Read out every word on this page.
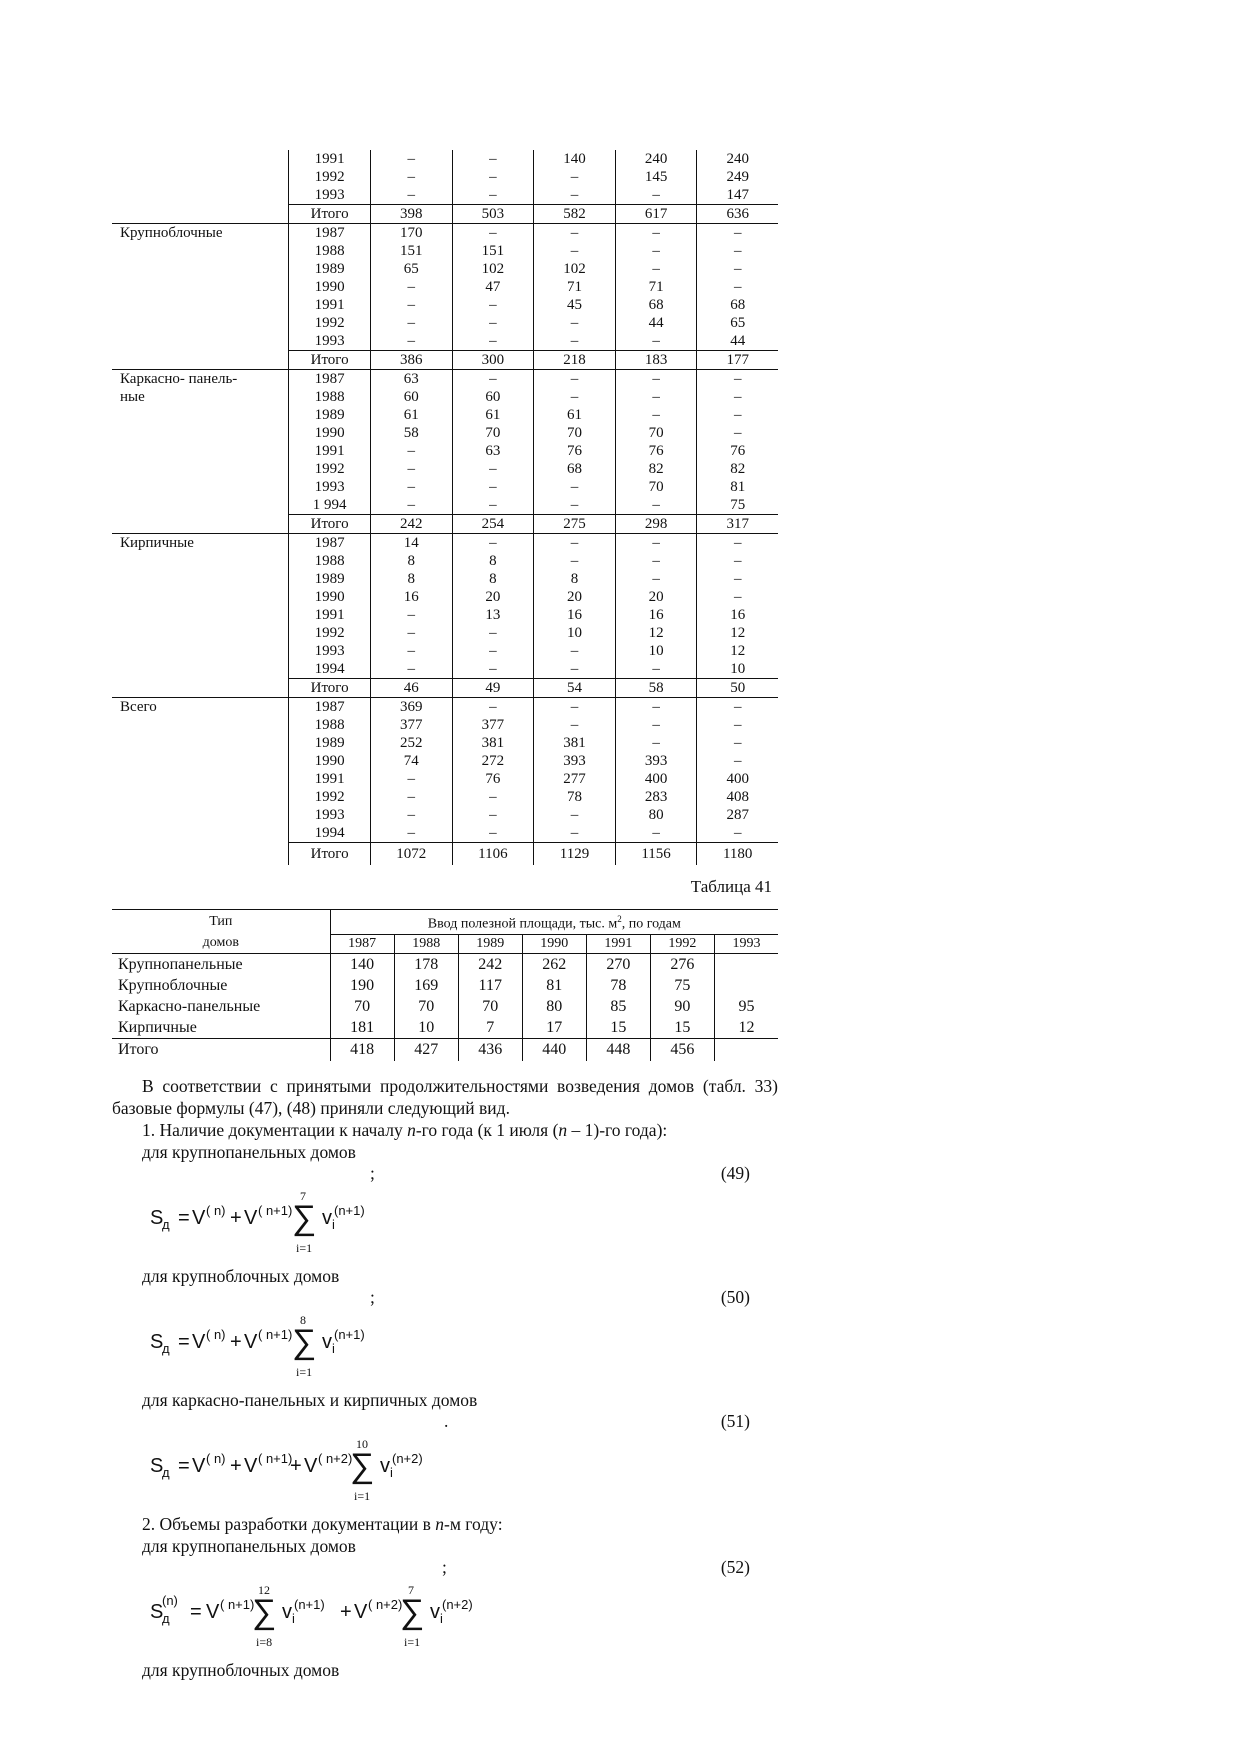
	1991	–	–	140	240	240
	1992	–	–	–	145	249
	1993	–	–	–	–	147
	Итого	398	503	582	617	636
Крупноблочные	1987	170	–	–	–	–
	1988	151	151	–	–	–
	1989	65	102	102	–	–
	1990	–	47	71	71	–
	1991	–	–	45	68	68
	1992	–	–	–	44	65
	1993	–	–	–	–	44
	Итого	386	300	218	183	177
Каркасно- панель-
ные	1987	63	–	–	–	–
	1988	60	60	–	–	–
	1989	61	61	61	–	–
	1990	58	70	70	70	–
	1991	–	63	76	76	76
	1992	–	–	68	82	82
	1993	–	–	–	70	81
	1 994	–	–	–	–	75
	Итого	242	254	275	298	317
Кирпичные	1987	14	–	–	–	–
	1988	8	8	–	–	–
	1989	8	8	8	–	–
	1990	16	20	20	20	–
	1991	–	13	16	16	16
	1992	–	–	10	12	12
	1993	–	–	–	10	12
	1994	–	–	–	–	10
	Итого	46	49	54	58	50
Всего	1987	369	–	–	–	–
	1988	377	377	–	–	–
	1989	252	381	381	–	–
	1990	74	272	393	393	–
	1991	–	76	277	400	400
	1992	–	–	78	283	408
	1993	–	–	–	80	287
	1994	–	–	–	–	–
	Итого	1072	1106	1129	1156	1180
Таблица 41
Тип	Ввод полезной площади, тыс. $м^2$, по годам						
домов	1987	1988	1989	1990	1991	1992	1993
Крупнопанельные	140	178	242	262	270	276	
Крупноблочные	190	169	117	81	78	75	
Каркасно-панельные	70	70	70	80	85	90	95
Кирпичные	181	10	7	17	15	15	12
Итого	418	427	436	440	448	456	

В соответствии с принятыми продолжительностями возведения домов (табл. 33) базовые формулы (47), (48) приняли следующий вид.

1. Наличие документации к началу n-го года (к 1 июля (n – 1)-го года):

для крупнопанельных домов
;	(49)
S
д = V ( n) + V ( n+1) ∑
7
i=1
v i
(n+1)
для крупноблочных домов
;	(50)
S
д = V ( n) + V ( n+1) ∑
8
i=1
v i
(n+1)
для каркасно-панельных и кирпичных домов
.	(51)
S
д = V ( n) + V ( n+1)
+ V ( n+2)
∑
10
i=1
v i
(n+2)

2. Объемы разработки документации в n-м году:

для крупнопанельных домов
;	(52)
S
д
(n)
= V ( n+1)
∑
12
i=8
v i
(n+1) + V ( n+2)
∑
7
i=1
v i
(n+2)
для крупноблочных домов
